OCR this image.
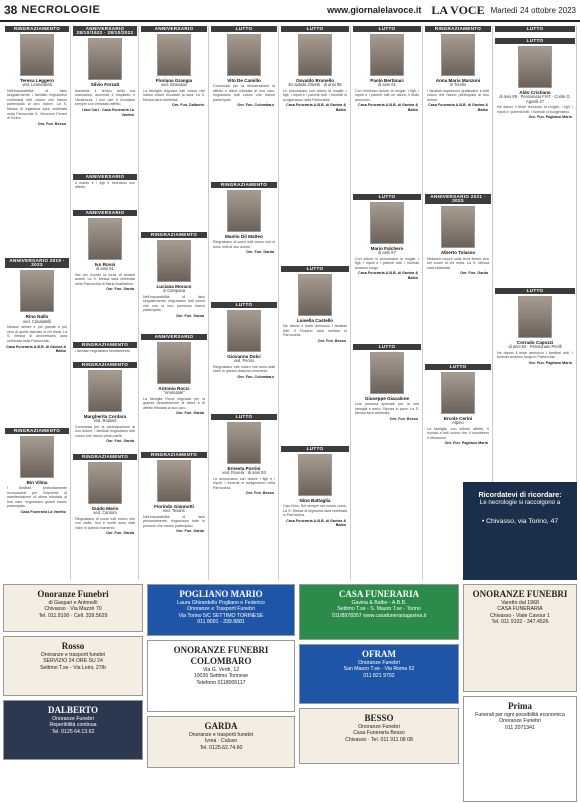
38 NECROLOGIE	www.giornalelavoce.it LA VOCE Martedì 24 ottobre 2023
RINGRAZIAMENTO
Teresa Leggero
ved. Leonardetti
Nell'impossibilità di farlo singolarmente, i familiari ringraziano commossi tutti coloro che hanno partecipato al loro dolore. La S. Messa di trigesima sarà celebrata nella Parrocchia S. Vincenzo Ferreri di Torino.
Onr. Fun. Besso
ANNIVERSARIO 2019 · 2023
Rino Nallo
ved. Canalatelli
Nessun amore è più grande e più vero di quello lasciato in chi resta. La S. Messa di anniversario sarà celebrata nella Parrocchia.
Casa Funeraria A.B.B. di Gavina & Balbo
RINGRAZIAMENTO
Bin Vilma
I familiari, profondamente riconoscenti per l'impronta di manifestazione di stima tributata al loro caro, ringraziano quanti hanno partecipato.
Casa Funeraria La Varetto
ANNIVERSARIO 28/10/1922 · 28/10/2022
Silvio Forzati
Aumenta il tempo della tua mancanza, aumenta il rimpianto e l'amarezza. I tuoi cari ti ricordano sempre con immutato affetto.
I tuoi Cari · Casa Funeraria La Varetto
ANNIVERSARIO
Il marito e i figli ti ricordano con affetto.
ANNIVERSARIO
Ivo Rossi
di anni 81
Nel tuo ricordo la forza di andare avanti. La S. Messa sarà celebrata nella Parrocchia di Maria Ausiliatrice.
Onr. Fun. Garda
RINGRAZIAMENTO
I familiari ringraziano sentitamente.
RINGRAZIAMENTO
Margherita Cordara
ved. Roliand
Commossi per la partecipazione al loro dolore, i familiari ringraziano tutti coloro che hanno preso parte.
Onr. Fun. Garda
RINGRAZIAMENTO
Guido Mario
ved. Cantora
Ringraziano di cuore tutti coloro che con visite, fiori e scritti sono stati vicini in questo momento.
Onr. Fun. Garda
ANNIVERSARIO
Floriana Grangia
ved. Sinesaari
La famiglia ringrazia tutti coloro che hanno voluto ricordare la cara. La S. Messa sarà celebrata.
Onr. Fun. Dalberto
RINGRAZIAMENTO
Luciana Moraco
in Campana
Nell'impossibilità di farlo singolarmente, ringraziano tutti coloro che con la loro presenza hanno partecipato.
Onr. Fun. Garda
ANNIVERSARIO
Antonio Rocci
"Ammutate"
La famiglia Rocci ringrazia per la grande dimostrazione di stima e di affetto tributata al suo caro.
Onr. Fun. Garda
RINGRAZIAMENTO
Fiorindo Giannotti
ved. Tesaric
Nell'impossibilità di farlo personalmente, ringraziano tutte le persone che hanno partecipato.
Onr. Fun. Garda
LUTTO
Vito De Camillo
Commossi per la dimostrazione di affetto e stima tributata al loro caro, ringraziano tutti coloro che hanno partecipato.
Onr. Fun. Colombaro
RINGRAZIAMENTO
Manlio Dil Matteo
Ringraziano di cuore tutti coloro che si sono uniti al loro dolore.
Onr. Fun. Garda
LUTTO
Giovanna Dolci
ved. Perino
Ringraziano tutti coloro che sono stati vicini in questo doloroso momento.
Onr. Fun. Colombaro
LUTTO
Ernesta Porrini
ved. Rovera · di anni 93
Lo annunciano con dolore i figli e i nipoti. I funerali si svolgeranno nella Parrocchia.
Onr. Fun. Besso
LUTTO
Osvaldo Brunello
Ex autista Olivetti · di anni 88
Lo annunciano con dolore la moglie, i figli, i nipoti e i parenti tutti. I funerali si svolgeranno nella Parrocchia.
Casa Funeraria A.B.B. di Gavina & Balbo
LUTTO
Luisella Castello
Ne danno il triste annuncio i familiari tutti. Il Rosario sarà recitato in Parrocchia.
Onr. Fun. Besso
LUTTO
Nino Battaglia
Ciao Nino. Sei sempre nel nostro cuore. La S. Messa di trigesima sarà celebrata in Parrocchia.
Casa Funeraria A.B.B. di Gavina & Balbo
LUTTO
Paolo Bertinaci
di anni 61
Con immenso dolore la moglie, i figli, i nipoti e i parenti tutti ne danno il triste annuncio.
Casa Funeraria A.B.B. di Gavina & Balbo
LUTTO
Mario Falchero
di anni 87
Con dolore lo annunciano la moglie, i figli, i nipoti e i parenti tutti. I funerali avranno luogo.
Casa Funeraria A.B.B. di Gavina & Balbo
LUTTO
Giuseppe Giacalone
Una persona speciale per la sua famiglia e amici. Riposa in pace. La S. Messa sarà celebrata.
Onr. Fun. Besso
RINGRAZIAMENTO
Anna Maria Manzoni
in Torello
I familiari esprimono gratitudine a tutti coloro che hanno partecipato al loro dolore.
Casa Funeraria A.B.B. di Gavina & Balbo
ANNIVERSARIO 2021 · 2023
Alberto Tolasso
Nessuno muore sulla terra finché vive nel cuore di chi resta. La S. Messa sarà celebrata.
Onr. Fun. Garda
LUTTO
Ercole Cerini
Alpino
La famiglia, con infinito affetto, ti ricorda a tutti coloro che ti conobbero e stimarono.
Onr. Fun. Pagliano Mario
LUTTO
LUTTO
Aldo Cristiano
di anni 89 · Pensionato FIAT · Conte G. Agnelli 47
Ne danno il triste annuncio la moglie, i figli, i nipoti e i parenti tutti. I funerali si svolgeranno.
Onr. Fun. Pagliano Mario
LUTTO
Corrado Capozzi
di anni 83 · Pensionato Pirelli
Ne danno il triste annuncio i familiari tutti. I funerali avranno luogo in Parrocchia.
Onr. Fun. Pagliano Mario
Ricordatevi di ricordare:
Le necrologie si raccolgono a
• Chivasso, via Torino, 47
Onoranze Funebri
di Gaspari e Antonelli
Chivasso · Via Mazzè 70
Tel. 011.9100 · Cell. 339.5629
POGLIANO MARIO
Laura Ghirardello Pogliano e Federico
Onoranze e Trasporti Funebri
Via Torino 5/C SETTIMO TORINESE
011 8001 - 339.8881
CASA FUNERARIA
Gavina & Balbo - A.B.B.
Settimo T.se - S. Mauro T.se - Torino
011/8978357 www.casafunerariagavina.it
ONORANZE FUNEBRI
Varetto dal 1968
CASA FUNERARIA
Chivasso - Viale Cavour 1
Tel. 011 9102 - 347.4526
Rosso
Onoranze e trasporti funebri
SERVIZIO 24 ORE SU 24
Settimo T.se - Via Leini, 27/b
ONORANZE FUNEBRI COLOMBARO
Via G. Verdi, 12
10036 Settimo Torinese
Telefono 0118005117
OFRAM
Onoranze Funebri
San Mauro T.se · Via Roma 52
011 821 9792
DALBERTO
Onoranze Funebri
Reperibilità continua
Tel. 0125 64.13.62
GARDA
Onoranze e trasporti funebri
Ivrea · Caluso
Tel. 0125.62.74.60
BESSO
Onoranze Funebri
Casa Funeraria Besso
Chivasso · Tel. 011 911 08 08
Prima
Funerali per ogni possibilità economica
Onoranze Funebri
011 2071341
